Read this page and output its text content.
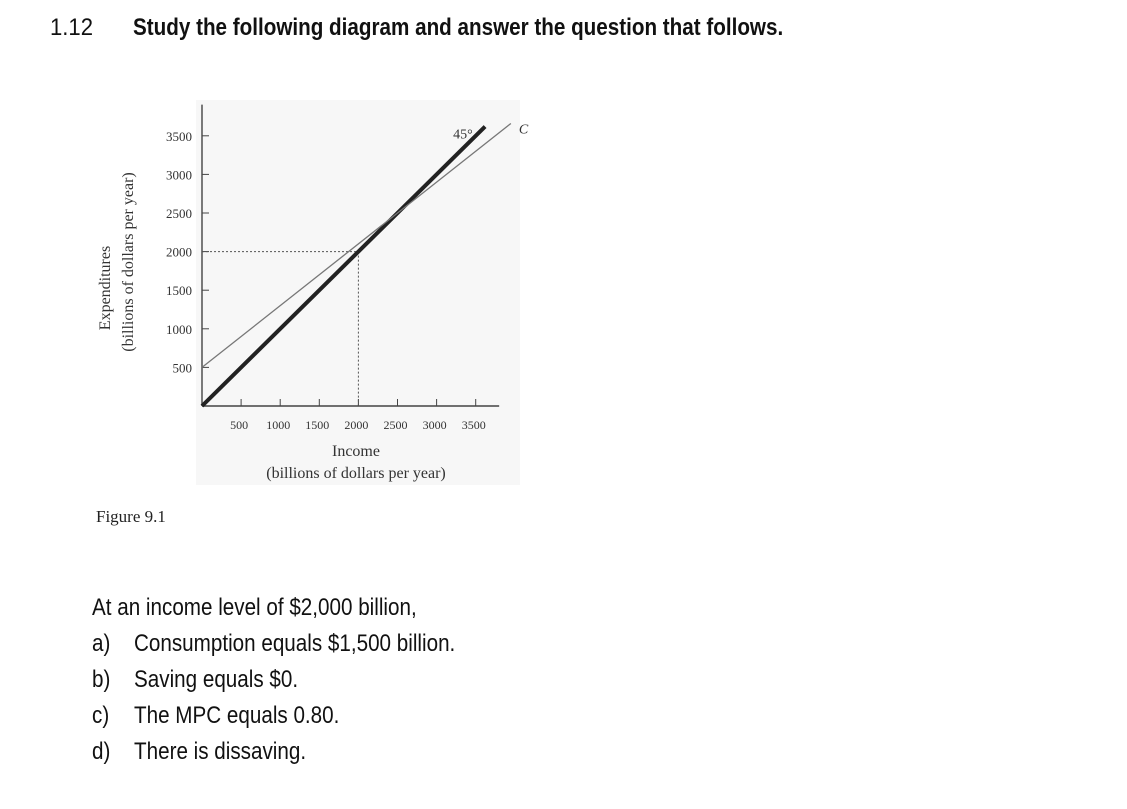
1.12 Study the following diagram and answer the question that follows.
500
1000
1500
2000
2500
3000
3500
500 1000 1500 2000 2500 3000 3500
45°	C
Income
(billions of dollars per year)
Expenditures (billions of dollars per year)
Figure 9.1
At an income level of $2,000 billion,
a) Consumption equals $1,500 billion.
b) Saving equals $0.
c) The MPC equals 0.80.
d) There is dissaving.
